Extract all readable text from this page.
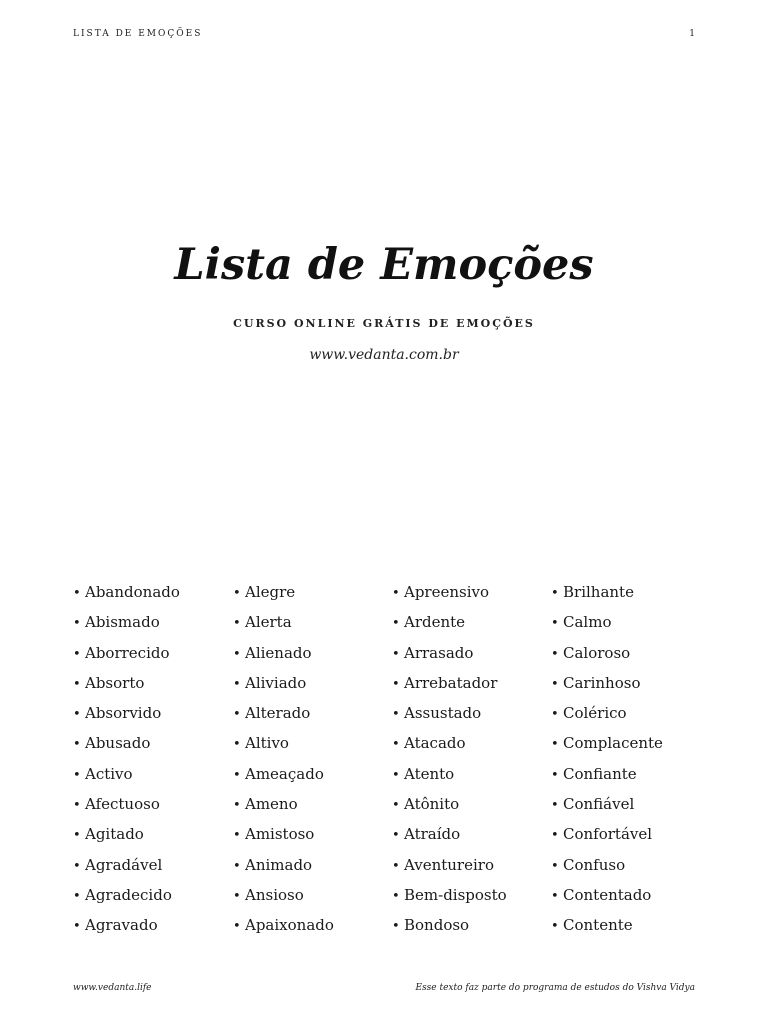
LISTA DE EMOÇÕES	1
Lista de Emoções
CURSO ONLINE GRÁTIS DE EMOÇÕES
www.vedanta.com.br
• Abandonado
• Abismado
• Aborrecido
• Absorto
• Absorvido
• Abusado
• Activo
• Afectuoso
• Agitado
• Agradável
• Agradecido
• Agravado
• Alegre
• Alerta
• Alienado
• Aliviado
• Alterado
• Altivo
• Ameaçado
• Ameno
• Amistoso
• Animado
• Ansioso
• Apaixonado
• Apreensivo
• Ardente
• Arrasado
• Arrebatador
• Assustado
• Atacado
• Atento
• Atônito
• Atraído
• Aventureiro
• Bem-disposto
• Bondoso
• Brilhante
• Calmo
• Caloroso
• Carinhoso
• Colérico
• Complacente
• Confiante
• Confiável
• Confortável
• Confuso
• Contentado
• Contente
www.vedanta.life	Esse texto faz parte do programa de estudos do Vishva Vidya
